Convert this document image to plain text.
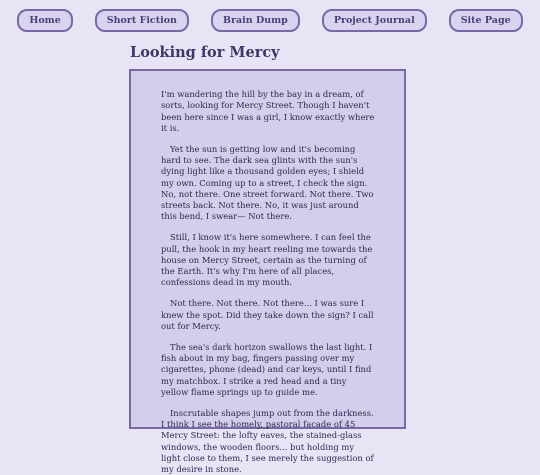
Home	Short Fiction	Brain Dump	Project Journal	Site Page
Looking for Mercy

I'm wandering the hill by the bay in a dream, of sorts, looking for Mercy Street. Though I haven't been here since I was a girl, I know exactly where it is.

Yet the sun is getting low and it's becoming hard to see. The dark sea glints with the sun's dying light like a thousand golden eyes; I shield my own. Coming up to a street, I check the sign. No, not there. One street forward. Not there. Two streets back. Not there. No, it was just around this bend, I swear— Not there.

Still, I know it's here somewhere. I can feel the pull, the hook in my heart reeling me towards the house on Mercy Street, certain as the turning of the Earth. It's why I'm here of all places, confessions dead in my mouth.

Not there. Not there. Not there... I was sure I knew the spot. Did they take down the sign? I call out for Mercy.

The sea's dark horizon swallows the last light. I fish about in my bag, fingers passing over my cigarettes, phone (dead) and car keys, until I find my matchbox. I strike a red head and a tiny yellow flame springs up to guide me.

Inscrutable shapes jump out from the darkness. I think I see the homely, pastoral facade of 45 Mercy Street: the lofty eaves, the stained-glass windows, the wooden floors... but holding my light close to them, I see merely the suggestion of my desire in stone.
